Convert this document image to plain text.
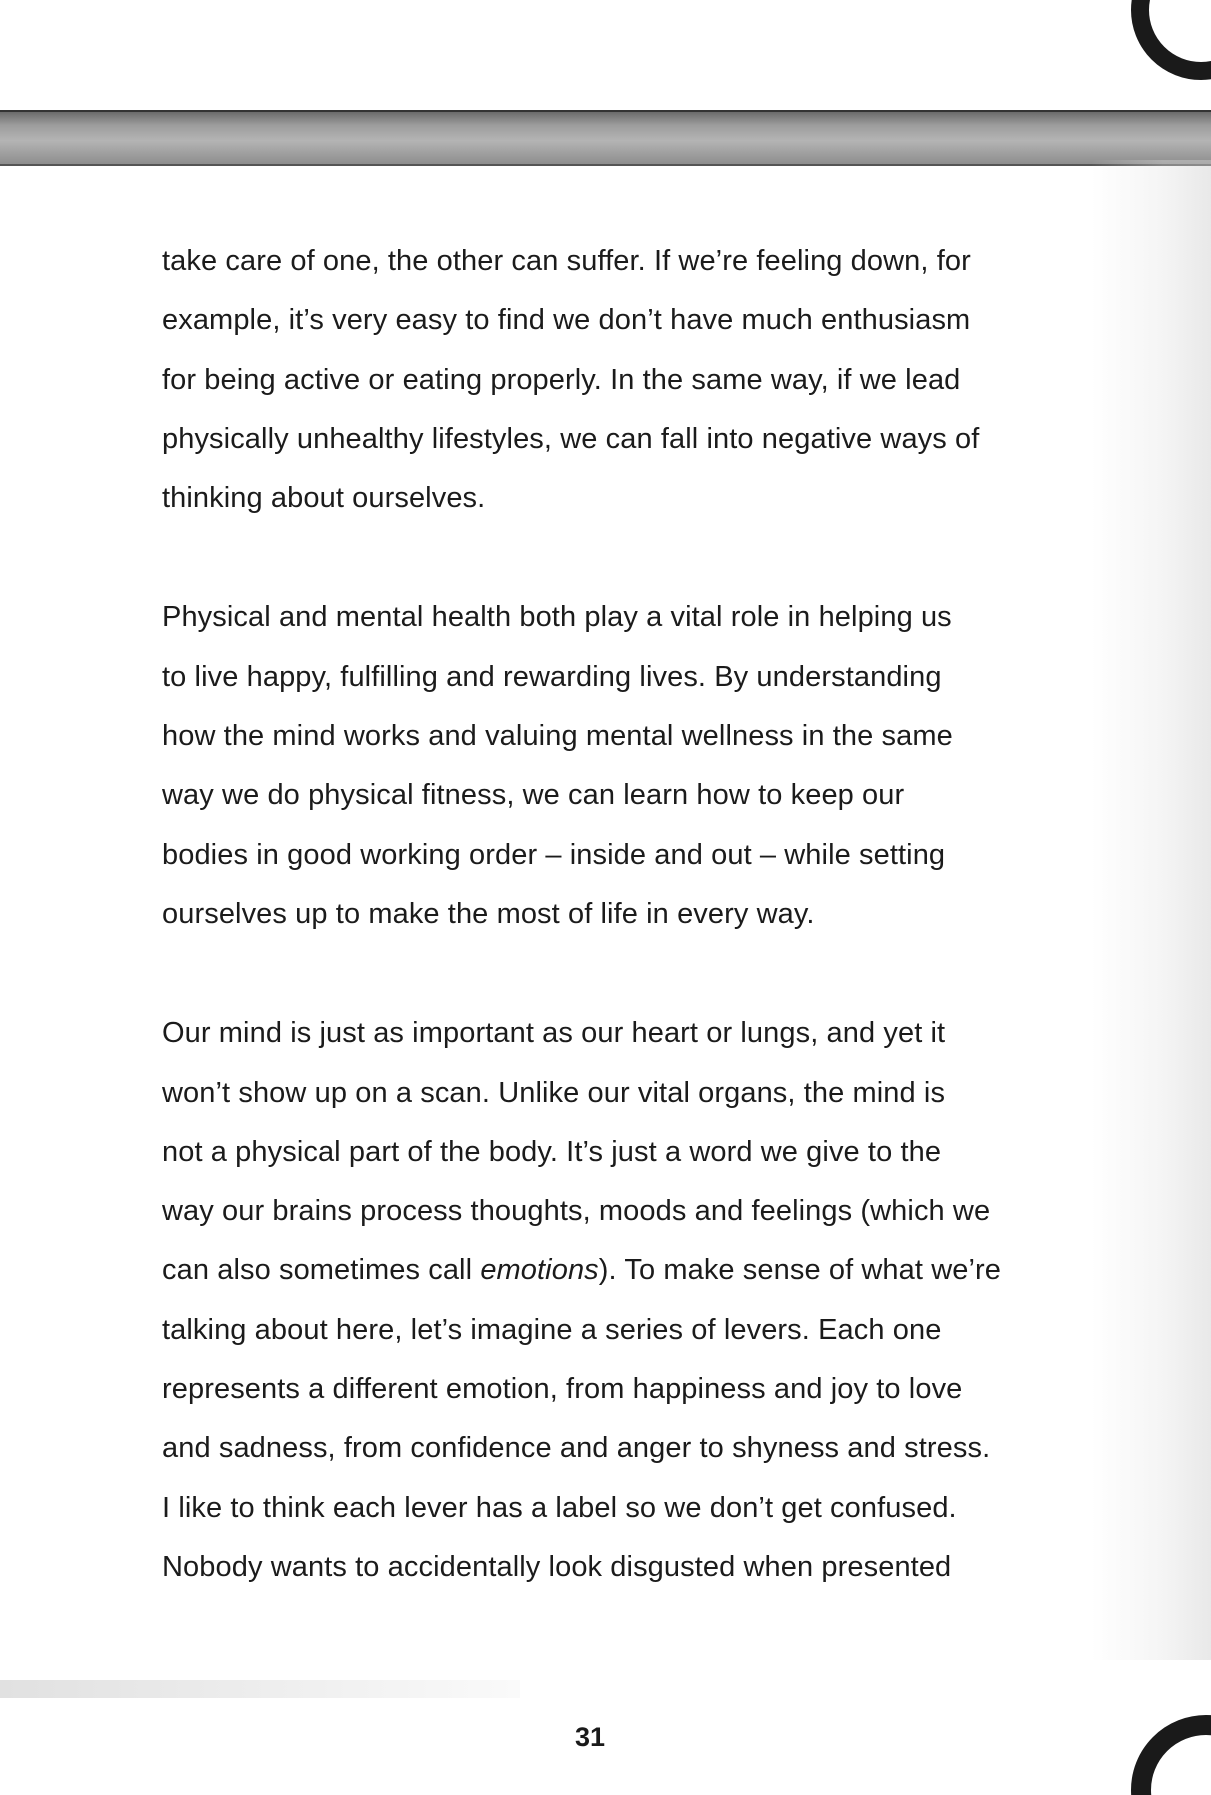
take care of one, the other can suffer. If we’re feeling down, for
example, it’s very easy to find we don’t have much enthusiasm
for being active or eating properly. In the same way, if we lead
physically unhealthy lifestyles, we can fall into negative ways of
thinking about ourselves.

Physical and mental health both play a vital role in helping us
to live happy, fulfilling and rewarding lives. By understanding
how the mind works and valuing mental wellness in the same
way we do physical fitness, we can learn how to keep our
bodies in good working order – inside and out – while setting
ourselves up to make the most of life in every way.

Our mind is just as important as our heart or lungs, and yet it
won’t show up on a scan. Unlike our vital organs, the mind is
not a physical part of the body. It’s just a word we give to the
way our brains process thoughts, moods and feelings (which we
can also sometimes call emotions). To make sense of what we’re
talking about here, let’s imagine a series of levers. Each one
represents a different emotion, from happiness and joy to love
and sadness, from confidence and anger to shyness and stress.
I like to think each lever has a label so we don’t get confused.
Nobody wants to accidentally look disgusted when presented

31
